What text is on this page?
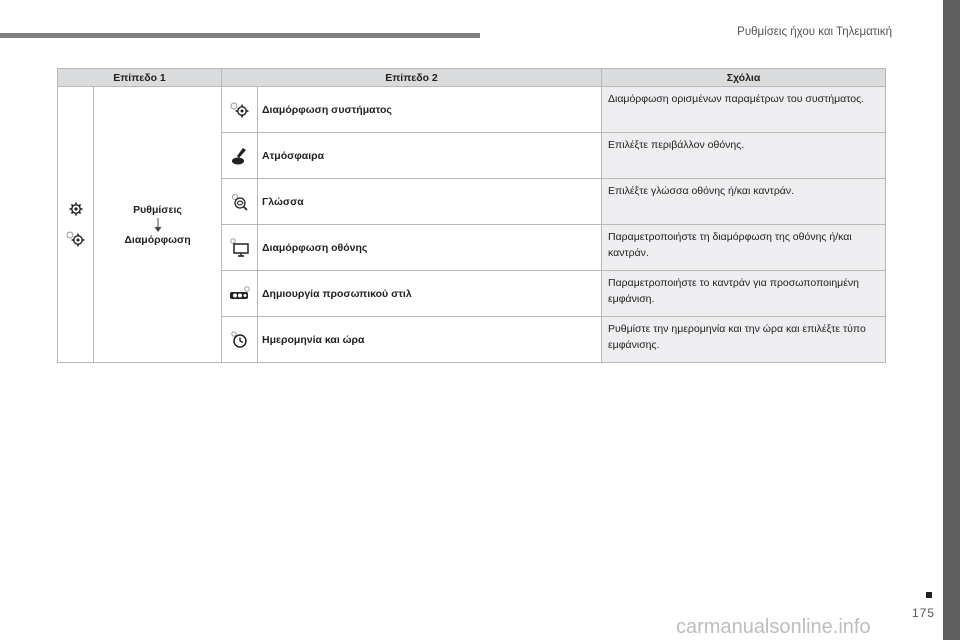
Ρυθμίσεις ήχου και Τηλεματική
Επίπεδο 1		Επίπεδο 2		Σχόλια

Ρυθμίσεις
Διαμόρφωση		Διαμόρφωση συστήματος	Διαμόρφωση ορισμένων παραμέτρων του συστήματος.

	Ατμόσφαιρα	Επιλέξτε περιβάλλον οθόνης.

	Γλώσσα	Επιλέξτε γλώσσα οθόνης ή/και καντράν.

	Διαμόρφωση οθόνης	Παραμετροποιήστε τη διαμόρφωση της οθόνης ή/και καντράν.

	Δημιουργία προσωπικού στιλ	Παραμετροποιήστε το καντράν για προσωποποιημένη εμφάνιση.

	Ημερομηνία και ώρα	Ρυθμίστε την ημερομηνία και την ώρα και επιλέξτε τύπο εμφάνισης.
175
carmanualsonline.info
